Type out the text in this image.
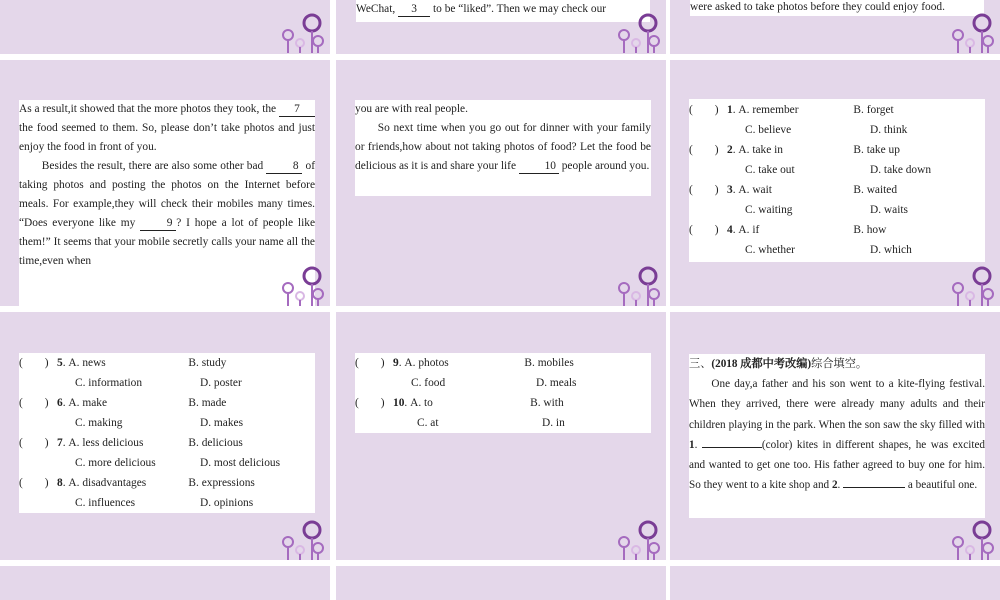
WeChat, 3 to be “liked”. Then we may check our	were asked to take photos before they could enjoy food.

As a result,it showed that the more photos they took, the 7 the food seemed to them. So, please don’t take photos and just enjoy the food in front of you.

Besides the result, there are also some other bad	8 of taking photos and posting the photos on the Internet before meals. For example,they will check their mobiles many times. “Does everyone like my	9 ? I hope a lot of people like them!” It seems that your mobile secretly calls your name all the time,even when

you are with real people.

So next time when you go out for dinner with your family or friends,how about not taking photos of food? Let the food be delicious as it is and share your life	10 people around you.

( ) 1 . A. remember	B. forget
C. believe	D. think
( ) 2 . A. take in	B. take up
C. take out	D. take down
( ) 3 . A. wait	B. waited
C. waiting	D. waits
( ) 4 . A. if	B. how
C. whether	D. which
( ) 5 . A. news	B. study
C. information	D. poster
( ) 6 . A. make	B. made
C. making	D. makes
( ) 7 . A. less delicious	B. delicious
C. more delicious	D. most delicious
( ) 8 . A. disadvantages	B. expressions
C. influences	D. opinions
( ) 9 . A. photos	B. mobiles
C. food	D. meals
( ) 10 . A. to	B. with
C. at	D. in

三、(2018 成都中考改编)综合填空。

One day,a father and his son went to a kite-flying festival. When they arrived, there were already many adults and their children playing in the park. When the son saw the sky filled with 1.	(color) kites in different shapes, he was excited and wanted to get one too. His father agreed to buy one for him. So they went to a kite shop and 2.	a beautiful one.
